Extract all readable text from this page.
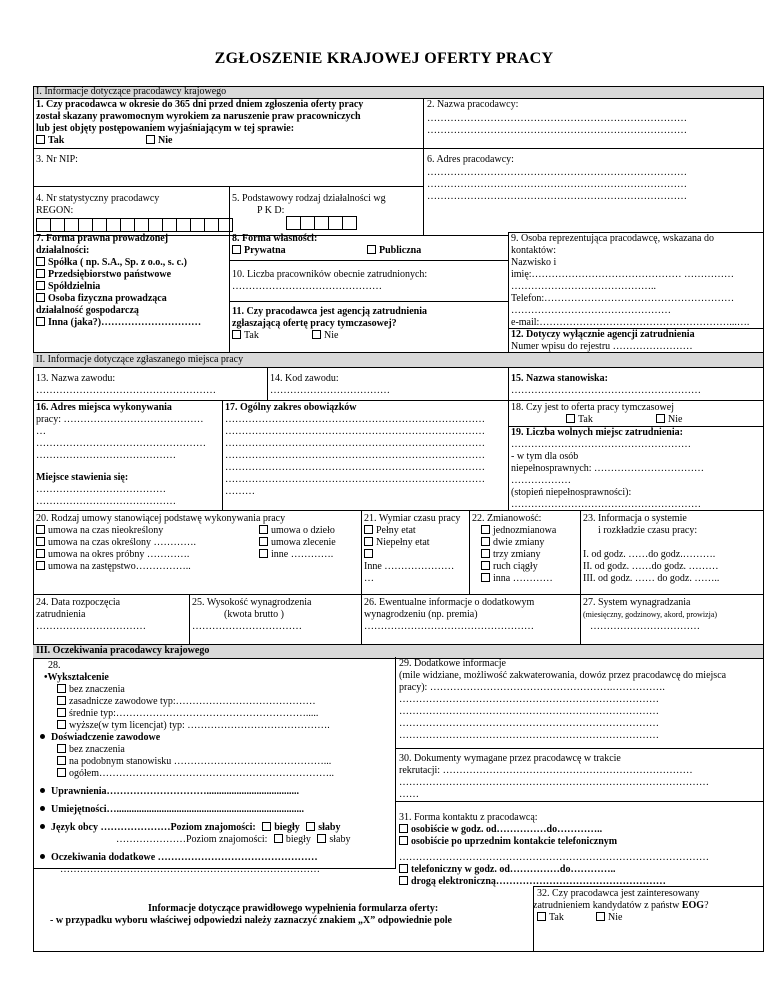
ZGŁOSZENIE KRAJOWEJ OFERTY PRACY
I. Informacje dotyczące pracodawcy krajowego
1. Czy pracodawca w okresie do 365 dni przed dniem zgłoszenia oferty pracy
został skazany prawomocnym wyrokiem za naruszenie praw pracowniczych
lub jest objęty postępowaniem wyjaśniającym w tej sprawie:
Tak	Nie
2. Nazwa pracodawcy:
……………………………………………………………………
……………………………………………………………………
3. Nr NIP:	6. Adres pracodawcy:
……………………………………………………………………
……………………………………………………………………
……………………………………………………………………
4. Nr statystyczny pracodawcy
REGON:
5. Podstawowy rodzaj działalności wg
P K D:
7. Forma prawna prowadzonej
działalności:
Spółka ( np. S.A., Sp. z o.o., s. c.)
Przedsiębiorstwo państwowe
Spółdzielnia
Osoba fizyczna prowadząca
działalność gospodarczą
Inna (jaka?)…………………………
8. Forma własności:
Prywatna	Publiczna
10. Liczba pracowników obecnie zatrudnionych:
………………………………………
11. Czy pracodawca jest agencją zatrudnienia
zgłaszającą ofertę pracy tymczasowej?
Tak	Nie
9. Osoba reprezentująca pracodawcę, wskazana do
kontaktów:
Nazwisko i
imię:……………………………………… ……………
……………………………………..
Telefon:…………………………………………………
…………………………………………
e-mail:…………………………………………………...….
12. Dotyczy wyłącznie agencji zatrudnienia
Numer wpisu do rejestru ……………………
II. Informacje dotyczące zgłaszanego miejsca pracy
13. Nazwa zawodu:
………………………………………………
14. Kod zawodu:
………………………………
15. Nazwa stanowiska:
…………………………………………………
16. Adres miejsca wykonywania
pracy: ……………………………………
…
……………………………………………
……………………………………
Miejsce stawienia się:
…………………………………
……………………………………
17. Ogólny zakres obowiązków
……………………………………………………………………
……………………………………………………………………
……………………………………………………………………
……………………………………………………………………
……………………………………………………………………
……………………………………………………………………
………
18. Czy jest to oferta pracy tymczasowej
Tak	Nie
19. Liczba wolnych miejsc zatrudnienia:
………………………………………………
- w tym dla osób
niepełnosprawnych: ……………………………
………………
(stopień niepełnosprawności):
…………………………………………………
20. Rodzaj umowy stanowiącej podstawę wykonywania pracy
umowa na czas nieokreślony
umowa na czas określony ………….
umowa na okres próbny ………….
umowa na zastępstwo……………..
umowa o dzieło
umowa zlecenie
inne ………….
21. Wymiar czasu pracy
Pełny etat
Niepełny etat
Inne …………………
…
22. Zmianowość:
jednozmianowa
dwie zmiany
trzy zmiany
ruch ciągły
inna …………
23. Informacja o systemie
i rozkładzie czasu pracy:
I. od godz. ……do godz.……….
II. od godz. ……do godz. ………
III. od godz. …… do godz. ……..
24. Data rozpoczęcia
zatrudnienia
……………………………
25. Wysokość wynagrodzenia
(kwota brutto )
……………………………
26. Ewentualne informacje o dodatkowym
wynagrodzeniu (np. premia)
……………………………………………
27. System wynagradzania
(miesięczny, godzinowy, akord, prowizja)
……………………………
III. Oczekiwania pracodawcy krajowego
28.
•Wykształcenie
bez znaczenia
zasadnicze zawodowe typ:……………………………………
średnie typ:………………………………………………….....
wyższe(w tym licencjat) typ: …………………………………….
Doświadczenie zawodowe
bez znaczenia
na podobnym stanowisku ………………………………………...
ogółem……………………………………………………………..
Uprawnienia………………………….....................................
Umiejętności…...........................................................................
Język obcy …………………Poziom znajomości: biegły słaby
…………………Poziom znajomości: biegły słaby
Oczekiwania dodatkowe …………………………………………
……………………………………………………………………
29. Dodatkowe informacje
(mile widziane, możliwość zakwaterowania, dowóz przez pracodawcę do miejsca
pracy): ……………………………………………….…………….
……………………………………………………………………
……………………………………………………………………
……………………………………………………………………
……………………………………………………………………
30. Dokumenty wymagane przez pracodawcę w trakcie
rekrutacji: …………………………………………………………………
…………………………………………………………………………………
……
31. Forma kontaktu z pracodawcą:
osobiście w godz. od……………do…………..
osobiście po uprzednim kontakcie telefonicznym
…………………………………………………………………………………
telefoniczny w godz. od……………do…………..
drogą elektroniczną……………………………………………
32. Czy pracodawca jest zainteresowany
zatrudnieniem kandydatów z państw EOG?
Tak	Nie
Informacje dotyczące prawidłowego wypełnienia formularza oferty:
- w przypadku wyboru właściwej odpowiedzi należy zaznaczyć znakiem „X” odpowiednie pole
